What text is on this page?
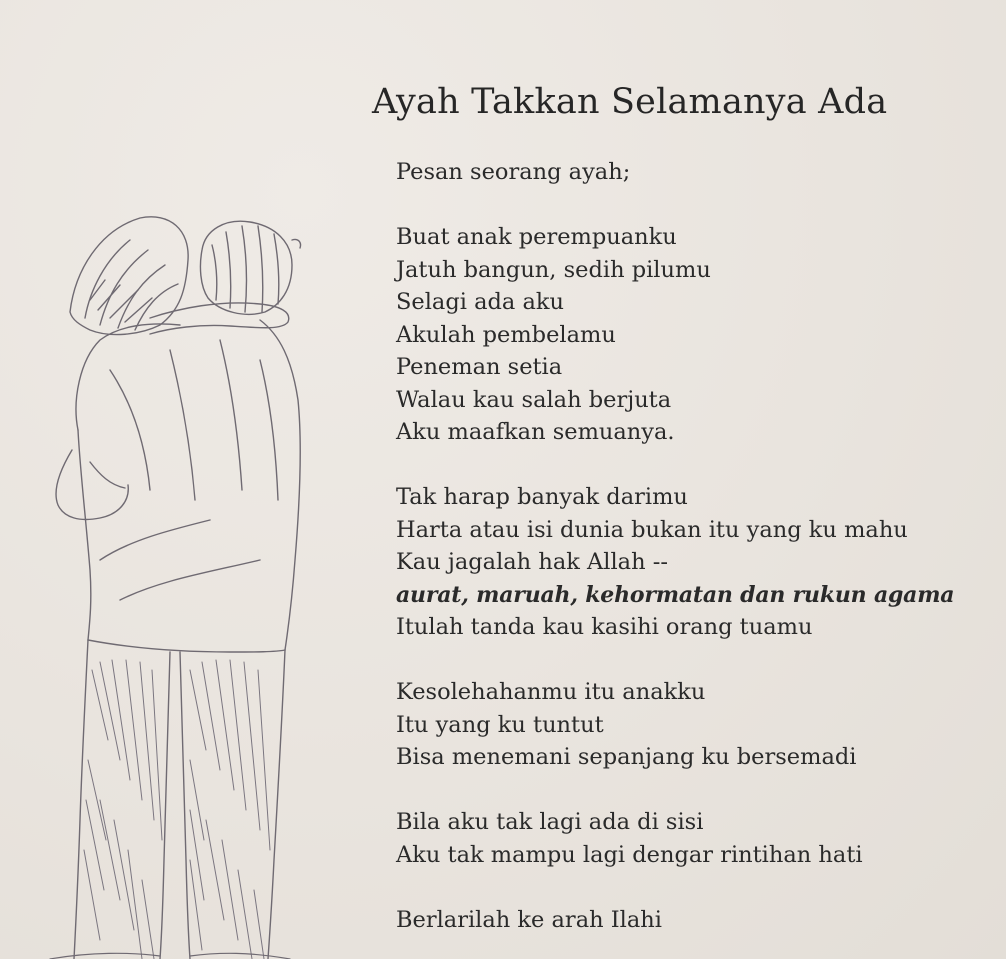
Ayah Takkan Selamanya Ada
Pesan seorang ayah;
Buat anak perempuanku
Jatuh bangun, sedih pilumu
Selagi ada aku
Akulah pembelamu
Peneman setia
Walau kau salah berjuta
Aku maafkan semuanya.
Tak harap banyak darimu
Harta atau isi dunia bukan itu yang ku mahu
Kau jagalah hak Allah --
aurat, maruah, kehormatan dan rukun agama
Itulah tanda kau kasihi orang tuamu
Kesolehahanmu itu anakku
Itu yang ku tuntut
Bisa menemani sepanjang ku bersemadi
Bila aku tak lagi ada di sisi
Aku tak mampu lagi dengar rintihan hati
Berlarilah ke arah Ilahi
